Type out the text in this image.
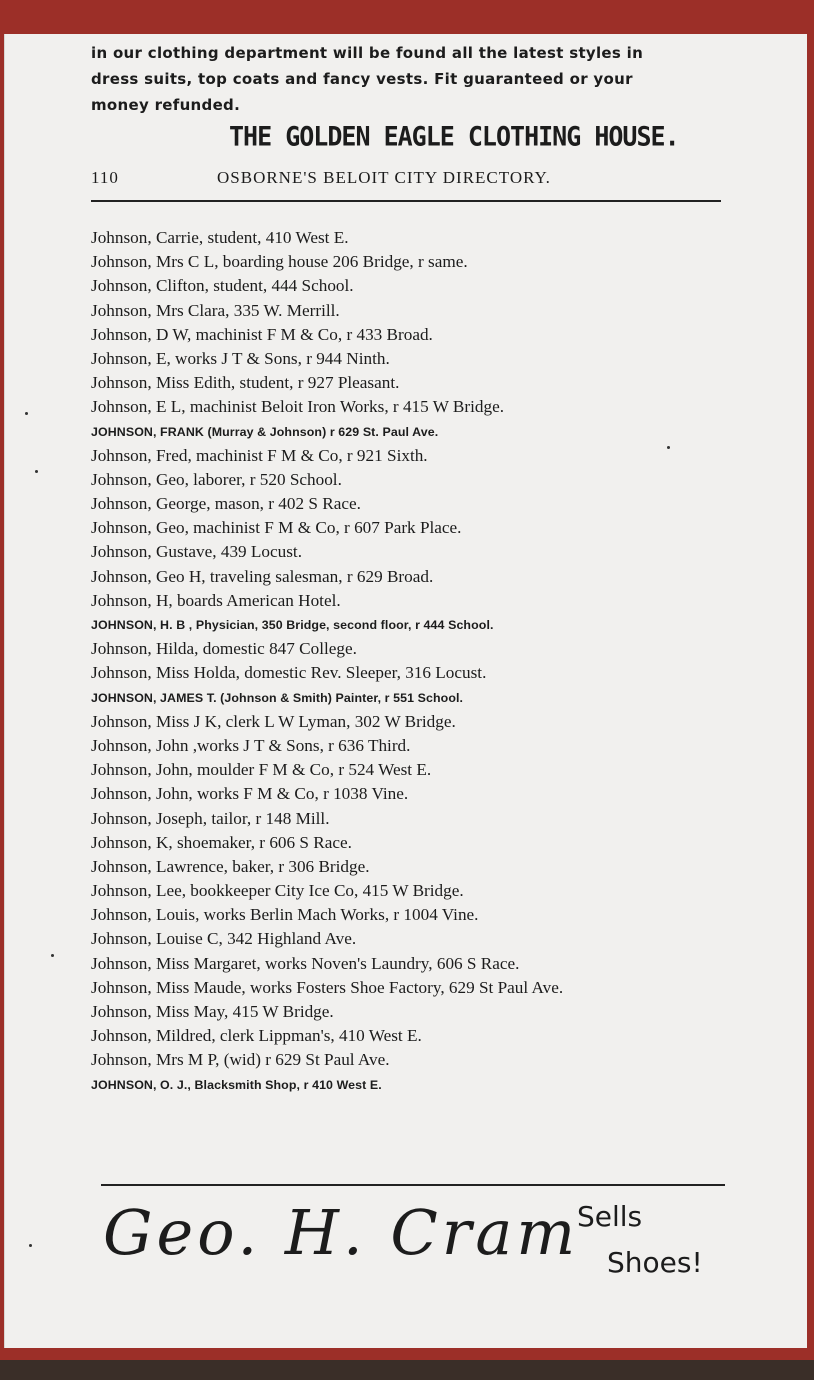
in our clothing department will be found all the latest styles in
dress suits, top coats and fancy vests. Fit guaranteed or your
money refunded.
THE GOLDEN EAGLE CLOTHING HOUSE.
110	OSBORNE'S BELOIT CITY DIRECTORY.
Johnson, Carrie, student, 410 West E.
Johnson, Mrs C L, boarding house 206 Bridge, r same.
Johnson, Clifton, student, 444 School.
Johnson, Mrs Clara, 335 W. Merrill.
Johnson, D W, machinist F M & Co, r 433 Broad.
Johnson, E, works J T & Sons, r 944 Ninth.
Johnson, Miss Edith, student, r 927 Pleasant.
Johnson, E L, machinist Beloit Iron Works, r 415 W Bridge.
JOHNSON, FRANK (Murray & Johnson) r 629 St. Paul Ave.
Johnson, Fred, machinist F M & Co, r 921 Sixth.
Johnson, Geo, laborer, r 520 School.
Johnson, George, mason, r 402 S Race.
Johnson, Geo, machinist F M & Co, r 607 Park Place.
Johnson, Gustave, 439 Locust.
Johnson, Geo H, traveling salesman, r 629 Broad.
Johnson, H, boards American Hotel.
JOHNSON, H. B , Physician, 350 Bridge, second floor, r 444 School.
Johnson, Hilda, domestic 847 College.
Johnson, Miss Holda, domestic Rev. Sleeper, 316 Locust.
JOHNSON, JAMES T. (Johnson & Smith) Painter, r 551 School.
Johnson, Miss J K, clerk L W Lyman, 302 W Bridge.
Johnson, John ,works J T & Sons, r 636 Third.
Johnson, John, moulder F M & Co, r 524 West E.
Johnson, John, works F M & Co, r 1038 Vine.
Johnson, Joseph, tailor, r 148 Mill.
Johnson, K, shoemaker, r 606 S Race.
Johnson, Lawrence, baker, r 306 Bridge.
Johnson, Lee, bookkeeper City Ice Co, 415 W Bridge.
Johnson, Louis, works Berlin Mach Works, r 1004 Vine.
Johnson, Louise C, 342 Highland Ave.
Johnson, Miss Margaret, works Noven's Laundry, 606 S Race.
Johnson, Miss Maude, works Fosters Shoe Factory, 629 St Paul Ave.
Johnson, Miss May, 415 W Bridge.
Johnson, Mildred, clerk Lippman's, 410 West E.
Johnson, Mrs M P, (wid) r 629 St Paul Ave.
JOHNSON, O. J., Blacksmith Shop, r 410 West E.
Geo. H. Cram
Sells
Shoes!
